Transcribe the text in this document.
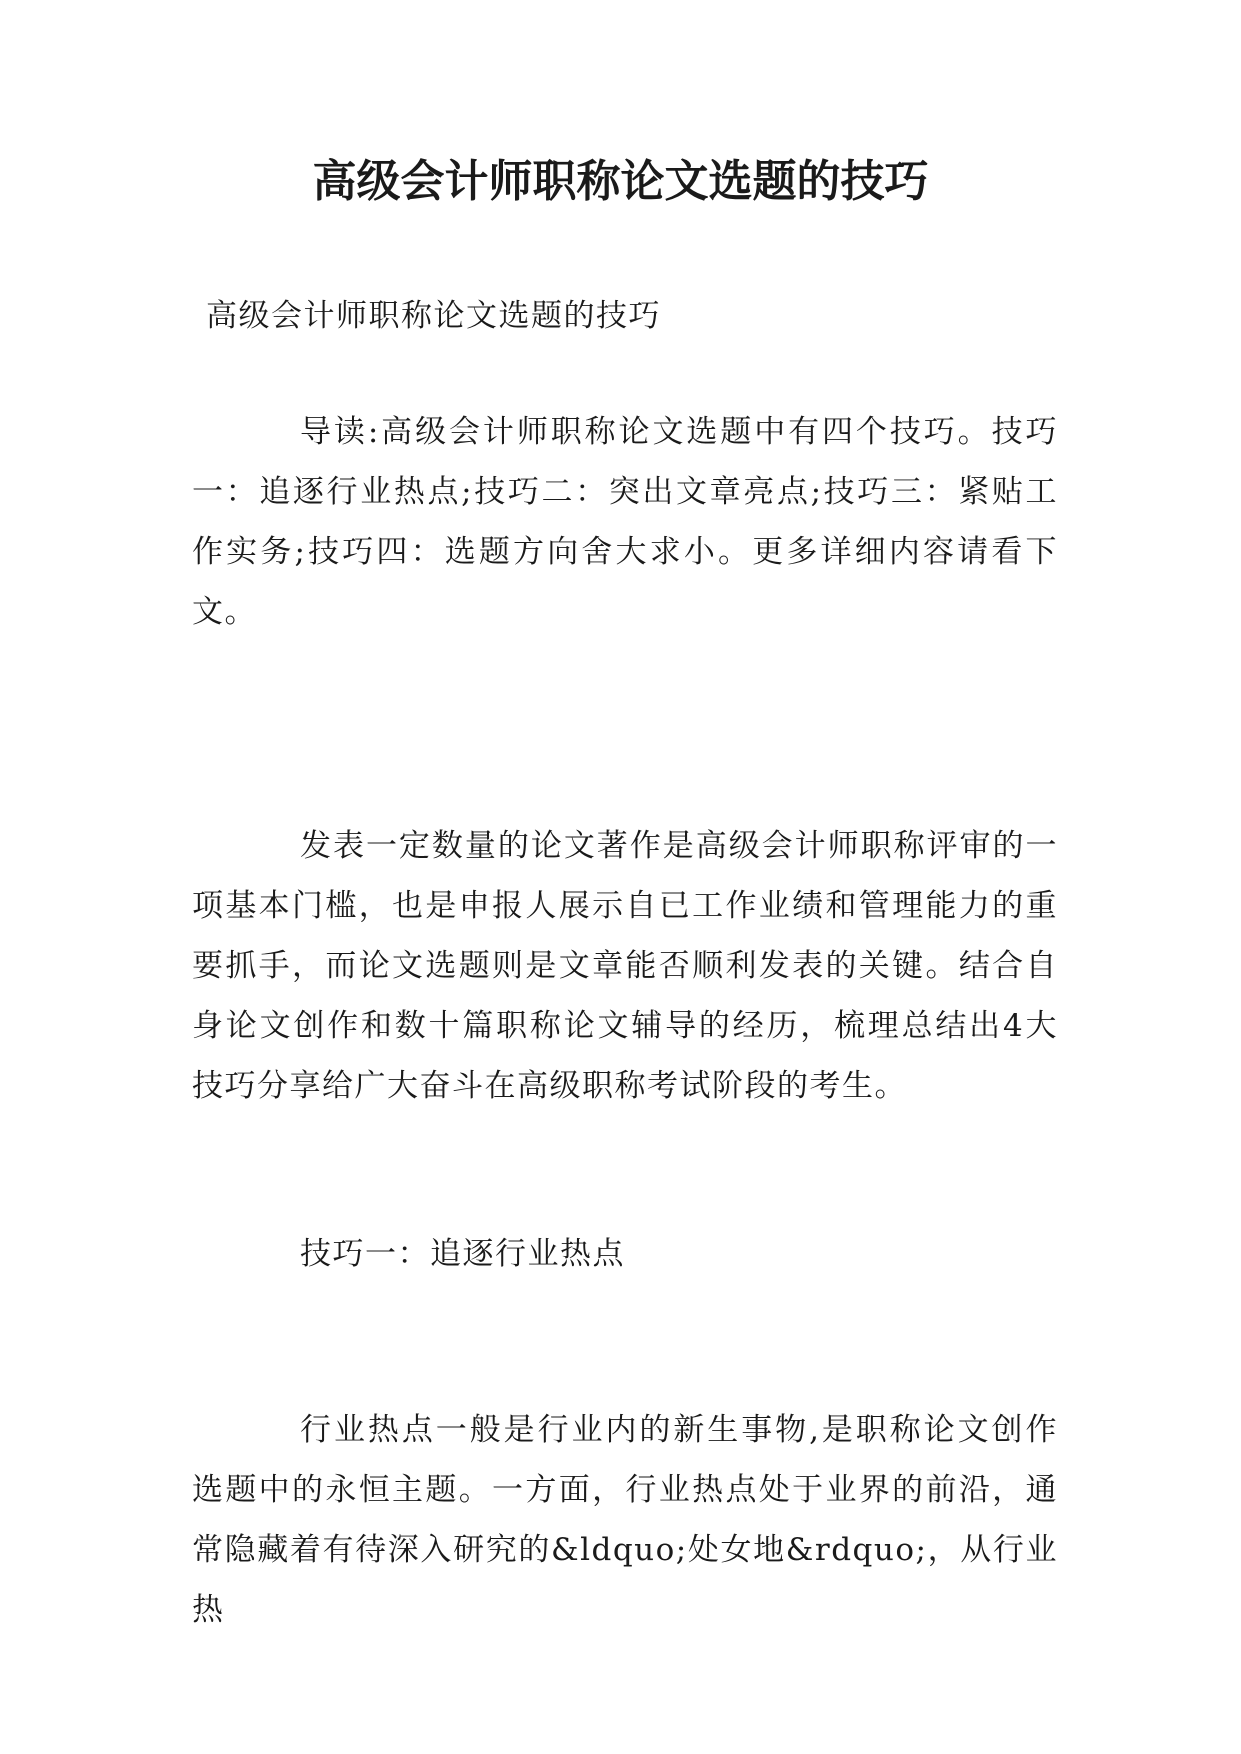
高级会计师职称论文选题的技巧

高级会计师职称论文选题的技巧

导读:高级会计师职称论文选题中有四个技巧。技巧一：追逐行业热点;技巧二：突出文章亮点;技巧三：紧贴工作实务;技巧四：选题方向舍大求小。更多详细内容请看下文。

发表一定数量的论文著作是高级会计师职称评审的一项基本门槛，也是申报人展示自已工作业绩和管理能力的重要抓手，而论文选题则是文章能否顺利发表的关键。结合自身论文创作和数十篇职称论文辅导的经历，梳理总结出4大技巧分享给广大奋斗在高级职称考试阶段的考生。

技巧一：追逐行业热点

行业热点一般是行业内的新生事物,是职称论文创作选题中的永恒主题。一方面，行业热点处于业界的前沿，通常隐藏着有待深入研究的&ldquo;处女地&rdquo;，从行业热
